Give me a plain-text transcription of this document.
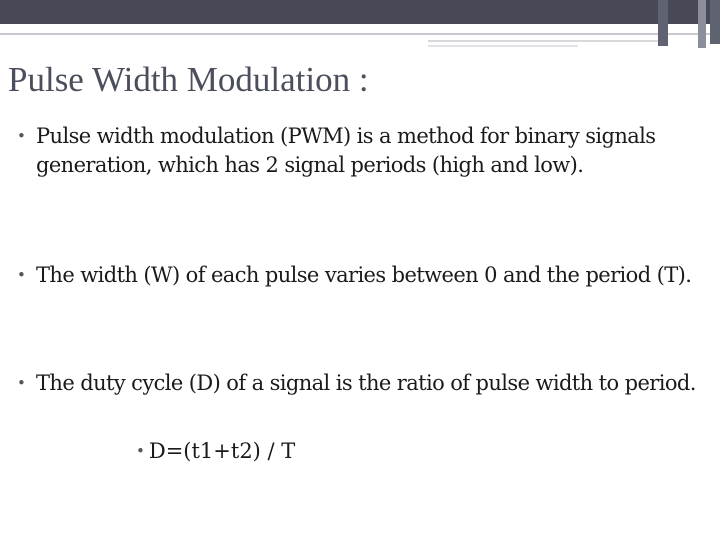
Pulse Width Modulation :
• Pulse width modulation (PWM) is a method for binary signals generation, which has 2 signal periods (high and low).
• The width (W) of each pulse varies between 0 and the period (T).
• The duty cycle (D) of a signal is the ratio of pulse width to period.
• D=(t1+t2) / T
